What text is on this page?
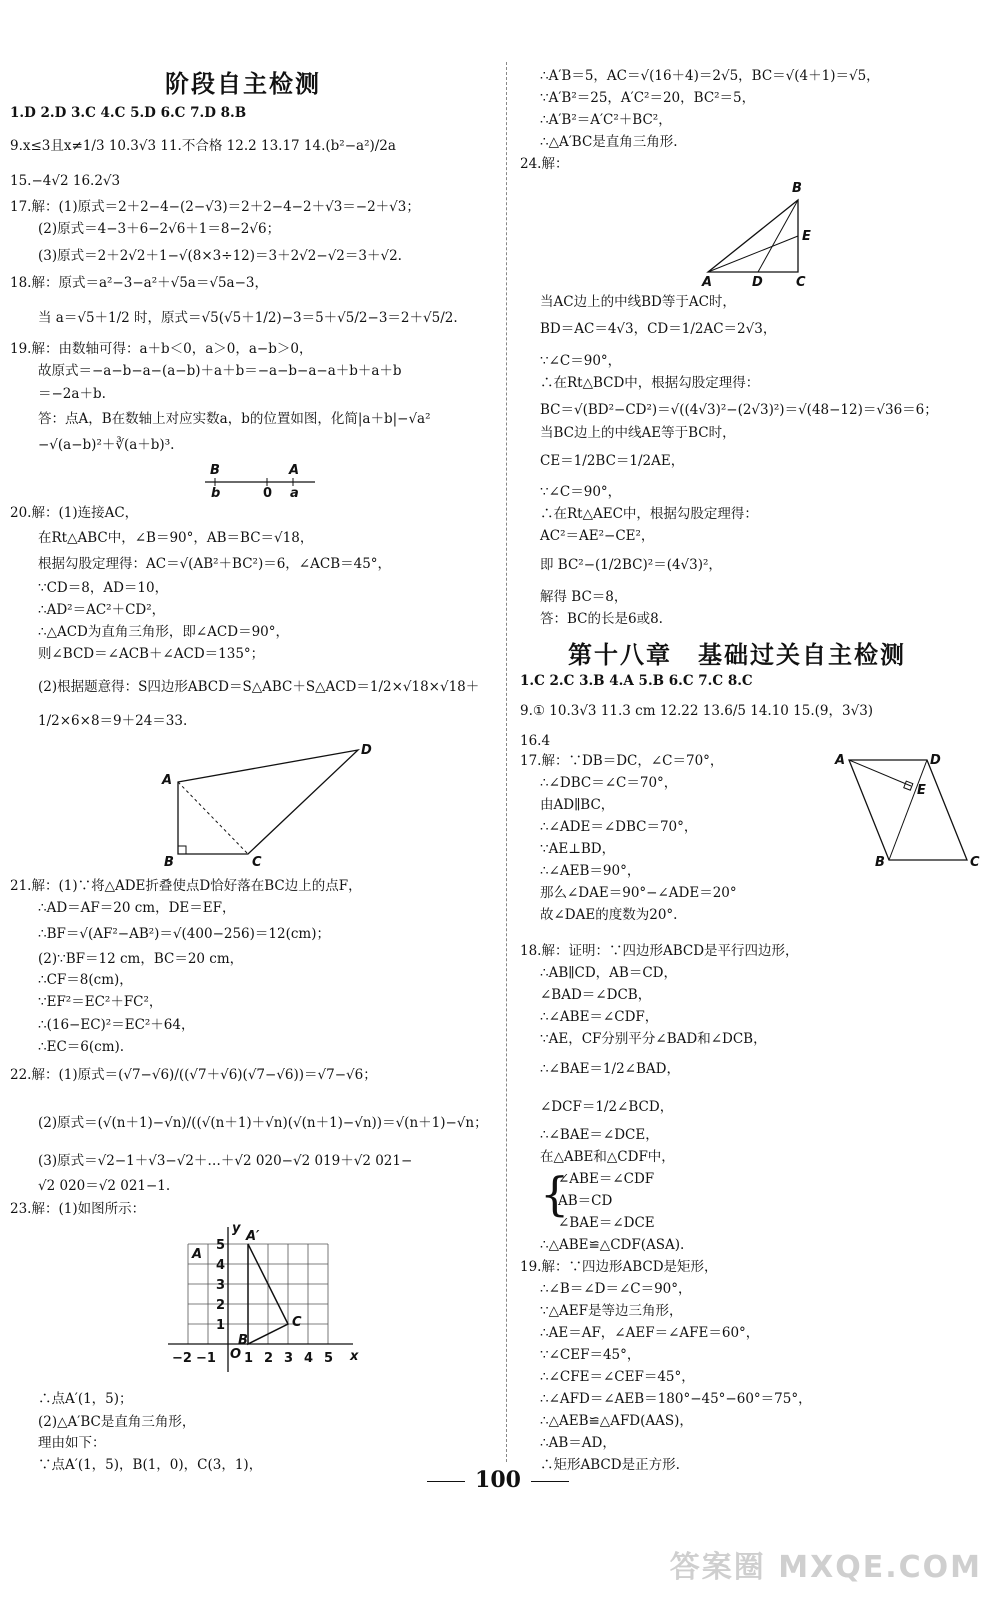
阶段自主检测
1.D 2.D 3.C 4.C 5.D 6.C 7.D 8.B
9.x≤3且x≠1/3 10.3√3 11.不合格 12.2 13.17 14.(b²−a²)/2a
15.−4√2 16.2√3
17.解：(1)原式＝2＋2−4−(2−√3)＝2＋2−4−2＋√3＝−2＋√3；
(2)原式＝4−3＋6−2√6＋1＝8−2√6；
(3)原式＝2＋2√2＋1−√(8×3÷12)＝3＋2√2−√2＝3＋√2.
18.解：原式＝a²−3−a²＋√5a＝√5a−3，
当 a＝√5＋1/2 时，原式＝√5(√5＋1/2)−3＝5＋√5/2−3＝2＋√5/2.
19.解：由数轴可得：a＋b＜0，a＞0，a−b＞0，
故原式＝−a−b−a−(a−b)＋a＋b＝−a−b−a−a＋b＋a＋b
＝−2a＋b.
答：点A，B在数轴上对应实数a，b的位置如图，化简|a＋b|−√a²
−√(a−b)²＋∛(a＋b)³.
B	A
b	0 a
20.解：(1)连接AC，
在Rt△ABC中，∠B＝90°，AB＝BC＝√18，
根据勾股定理得：AC＝√(AB²＋BC²)＝6，∠ACB＝45°，
∵CD＝8，AD＝10，
∴AD²＝AC²＋CD²，
∴△ACD为直角三角形，即∠ACD＝90°，
则∠BCD＝∠ACB＋∠ACD＝135°；
(2)根据题意得：S四边形ABCD＝S△ABC＋S△ACD＝1/2×√18×√18＋
1/2×6×8＝9＋24＝33.
A
D
B	C
21.解：(1)∵将△ADE折叠使点D恰好落在BC边上的点F，
∴AD＝AF＝20 cm，DE＝EF，
∴BF＝√(AF²−AB²)＝√(400−256)＝12(cm)；
(2)∵BF＝12 cm，BC＝20 cm，
∴CF＝8(cm)，
∵EF²＝EC²＋FC²，
∴(16−EC)²＝EC²＋64，
∴EC＝6(cm).
22.解：(1)原式＝(√7−√6)/((√7＋√6)(√7−√6))＝√7−√6；
(2)原式＝(√(n＋1)−√n)/((√(n＋1)＋√n)(√(n＋1)−√n))＝√(n＋1)−√n；
(3)原式＝√2−1＋√3−√2＋…＋√2 020−√2 019＋√2 021−
√2 020＝√2 021−1.
23.解：(1)如图所示：
y
A
A′
5
4
3
2
1	C
B
−2 −1 O 1 2 3 4 5 x
∴点A′(1，5)；
(2)△A′BC是直角三角形，
理由如下：
∵点A′(1，5)，B(1，0)，C(3，1)，
∴A′B＝5，AC＝√(16＋4)＝2√5，BC＝√(4＋1)＝√5，
∵A′B²＝25，A′C²＝20，BC²＝5，
∴A′B²＝A′C²＋BC²，
∴△A′BC是直角三角形.
24.解：
B
E
A	D	C
当AC边上的中线BD等于AC时，
BD＝AC＝4√3，CD＝1/2AC＝2√3，
∵∠C＝90°，
∴在Rt△BCD中，根据勾股定理得：
BC＝√(BD²−CD²)＝√((4√3)²−(2√3)²)＝√(48−12)＝√36＝6；
当BC边上的中线AE等于BC时，
CE＝1/2BC＝1/2AE，
∵∠C＝90°，
∴在Rt△AEC中，根据勾股定理得：
AC²＝AE²−CE²，
即 BC²−(1/2BC)²＝(4√3)²，
解得 BC＝8，
答：BC的长是6或8.
第十八章　基础过关自主检测
1.C 2.C 3.B 4.A 5.B 6.C 7.C 8.C
9.① 10.3√3 11.3 cm 12.22 13.6/5 14.10 15.(9，3√3)
16.4
17.解：∵DB＝DC，∠C＝70°，
∴∠DBC＝∠C＝70°，
由AD∥BC，
∴∠ADE＝∠DBC＝70°，
∵AE⊥BD，
∴∠AEB＝90°，
那么∠DAE＝90°−∠ADE＝20°
故∠DAE的度数为20°.
A	D
E
B	C
18.解：证明：∵四边形ABCD是平行四边形，
∴AB∥CD，AB＝CD，
∠BAD＝∠DCB，
∴∠ABE＝∠CDF，
∵AE，CF分别平分∠BAD和∠DCB，
∴∠BAE＝1/2∠BAD，
∠DCF＝1/2∠BCD，
∴∠BAE＝∠DCE，
在△ABE和△CDF中，
{
∠ABE＝∠CDF
AB＝CD
∠BAE＝∠DCE
∴△ABE≌△CDF(ASA).
19.解：∵四边形ABCD是矩形，
∴∠B＝∠D＝∠C＝90°，
∵△AEF是等边三角形，
∴AE＝AF，∠AEF＝∠AFE＝60°，
∵∠CEF＝45°，
∴∠CFE＝∠CEF＝45°，
∴∠AFD＝∠AEB＝180°−45°−60°＝75°，
∴△AEB≌△AFD(AAS)，
∴AB＝AD，
∴矩形ABCD是正方形.
100
答案圈 MXQE.COM
